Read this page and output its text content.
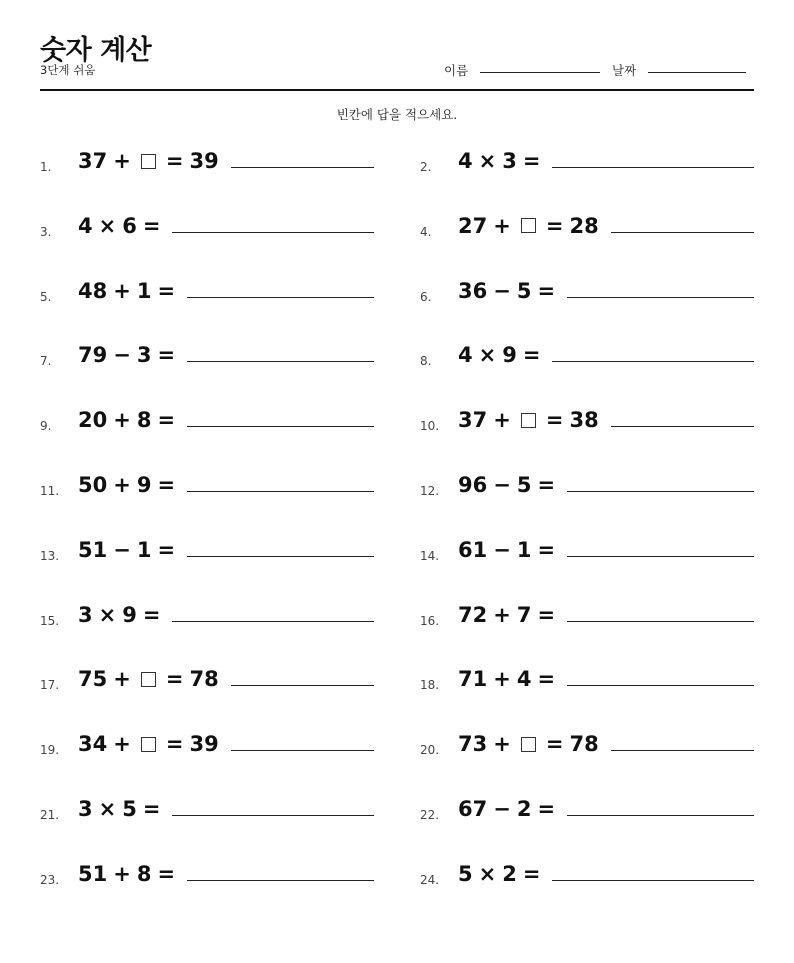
숫자 계산
3단계 쉬움	이름	날짜
빈칸에 답을 적으세요.
1.	37 + = 39	2.	4 × 3 =
3.	4 × 6 =	4.	27 + = 28
5.	48 + 1 =	6.	36 − 5 =
7.	79 − 3 =	8.	4 × 9 =
9.	20 + 8 =	10. 37 + = 38
11. 50 + 9 =	12. 96 − 5 =
13. 51 − 1 =	14. 61 − 1 =
15. 3 × 9 =	16. 72 + 7 =
17. 75 + = 78	18. 71 + 4 =
19. 34 + = 39	20. 73 + = 78
21. 3 × 5 =	22. 67 − 2 =
23. 51 + 8 =	24. 5 × 2 =
